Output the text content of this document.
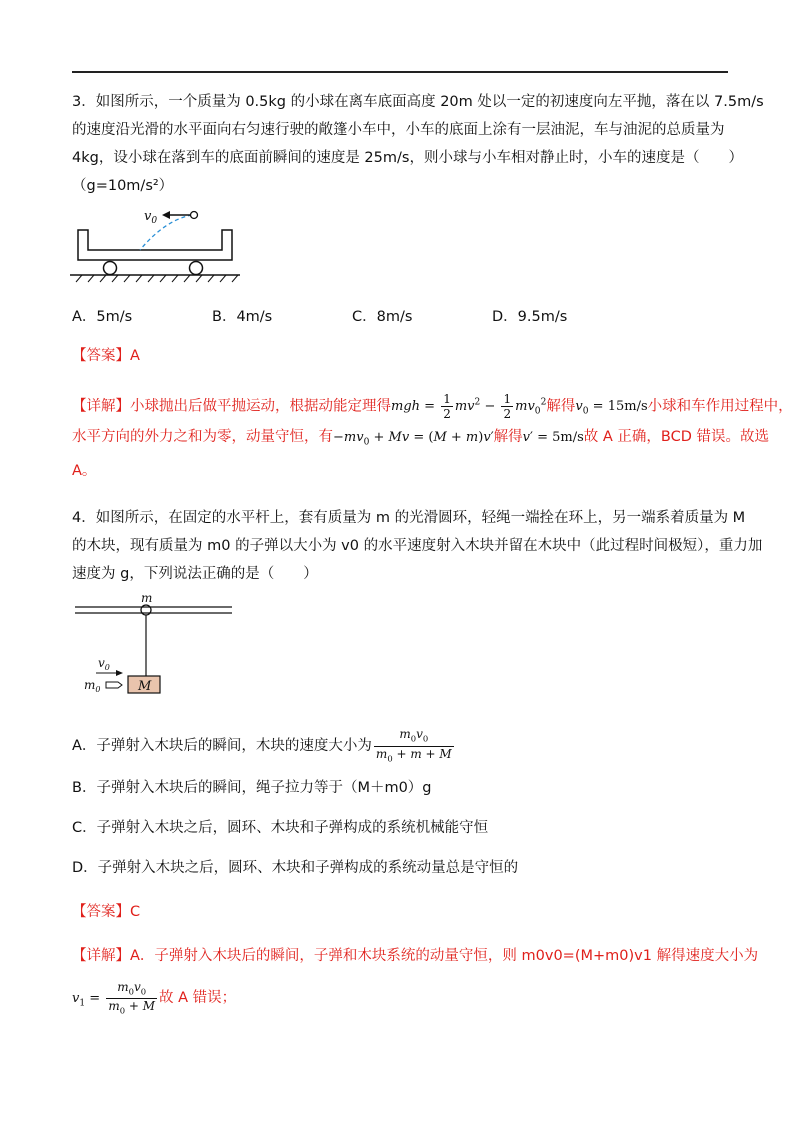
3．如图所示，一个质量为 0.5kg 的小球在离车底面高度 20m 处以一定的初速度向左平抛，落在以 7.5m/s
的速度沿光滑的水平面向右匀速行驶的敞篷小车中，小车的底面上涂有一层油泥，车与油泥的总质量为
4kg，设小球在落到车的底面前瞬间的速度是 25m/s，则小球与小车相对静止时，小车的速度是（　　）
（g=10m/s²）
$v_0$
A．5m/s	B．4m/s	C．8m/s	D．9.5m/s
【答案】A
【详解】小球抛出后做平抛运动，根据动能定理得mgh = $\frac{1}{2} mv^2 - \frac{1}{2} mv_0^2$解得$v_0 = 15m/s$小球和车作用过程中，
水平方向的外力之和为零，动量守恒，有$-mv_0 + Mv = (M + m)v'$解得v′ = 5m/s故 A 正确，BCD 错误。故选
A。
4．如图所示，在固定的水平杆上，套有质量为 m 的光滑圆环，轻绳一端拴在环上，另一端系着质量为 M
的木块，现有质量为 m0 的子弹以大小为 v0 的水平速度射入木块并留在木块中（此过程时间极短），重力加
速度为 g，下列说法正确的是（　　）
m
M
$v_0$
$m_0$
A．子弹射入木块后的瞬间，木块的速度大小为 $\frac{m_0v_0}{m_0 + m + M}$
B．子弹射入木块后的瞬间，绳子拉力等于（M＋m0）g
C．子弹射入木块之后，圆环、木块和子弹构成的系统机械能守恒
D．子弹射入木块之后，圆环、木块和子弹构成的系统动量总是守恒的
【答案】C
【详解】A．子弹射入木块后的瞬间，子弹和木块系统的动量守恒，则 m0v0=(M+m0)v1 解得速度大小为
$v_1 = \frac{m_0v_0}{m_0 + M}$ 故 A 错误；
